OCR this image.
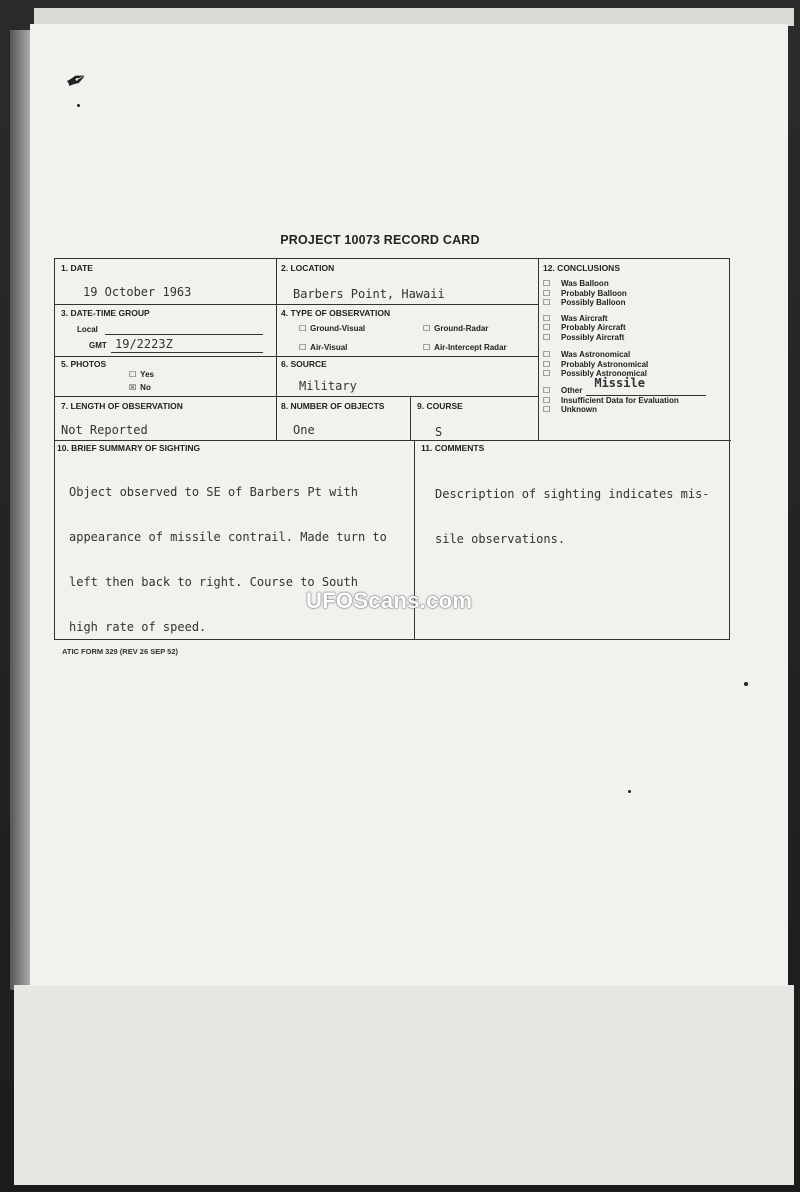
✒
PROJECT 10073 RECORD CARD
1. DATE
19 October 1963
2. LOCATION
Barbers Point, Hawaii
3. DATE-TIME GROUP
Local
GMT 19/2223Z
4. TYPE OF OBSERVATION
☐ Ground-Visual	☐ Ground-Radar
☐ Air-Visual	☐ Air-Intercept Radar
5. PHOTOS
☐ Yes
☒ No
6. SOURCE
Military
7. LENGTH OF OBSERVATION
Not Reported
8. NUMBER OF OBJECTS
One
9. COURSE
S
12. CONCLUSIONS
☐	Was Balloon
☐	Probably Balloon
☐	Possibly Balloon
☐	Was Aircraft
☐	Probably Aircraft
☐	Possibly Aircraft
☐	Was Astronomical
☐	Probably Astronomical
☐	Possibly Astronomical
☐	Other
Missile
☐	Insufficient Data for Evaluation
☐	Unknown
10. BRIEF SUMMARY OF SIGHTING

Object observed to SE of Barbers Pt with

appearance of missile contrail. Made turn to

left then back to right. Course to South

high rate of speed.

11. COMMENTS

Description of sighting indicates mis-

sile observations.

UFOScans.com
ATIC FORM 329 (REV 26 SEP 52)
